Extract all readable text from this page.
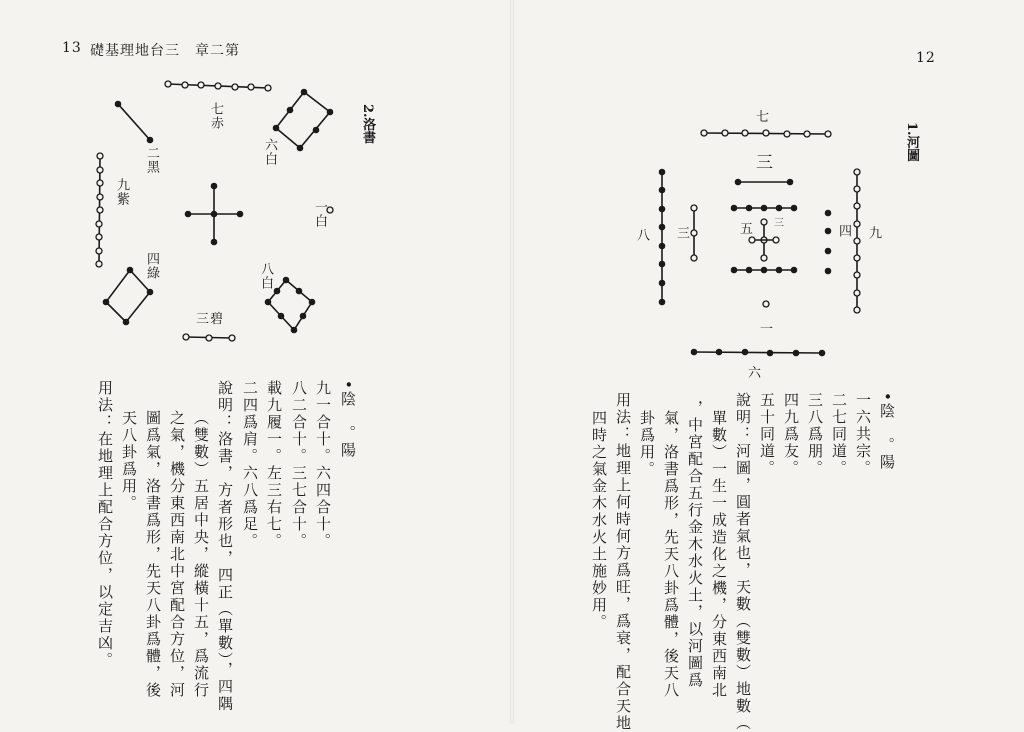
13 礎基理地台三　章二第
2.洛書
七赤
六白
二黑
九紫
一白
四綠	八白
三碧
•陰　。陽
九一合十。六四合十。
八二合十。三七合十。
載九履一。左三右七。
二四爲肩。六八爲足。
說明：洛書，方者形也，四正（單數），四隅
（雙數）五居中央，縱橫十五，爲流行
之氣，機分東西南北中宮配合方位，河
圖爲氣，洛書爲形，先天八卦爲體，後
天八卦爲用。
用法：在地理上配合方位，以定吉凶。
12
1.河圖
七
三
五 三
三
八	四 九
一
六
•陰　。陽
一六共宗。
二七同道。
三八爲朋。
四九爲友。
五十同道。
說明：河圖，圓者氣也，天數（雙數）地數（
單數）一生一成造化之機，分東西南北
，中宮配合五行金木水火土，以河圖爲
氣，洛書爲形，先天八卦爲體，後天八
卦爲用。
用法：地理上何時何方爲旺，爲衰，配合天地
四時之氣金木水火土施妙用。
